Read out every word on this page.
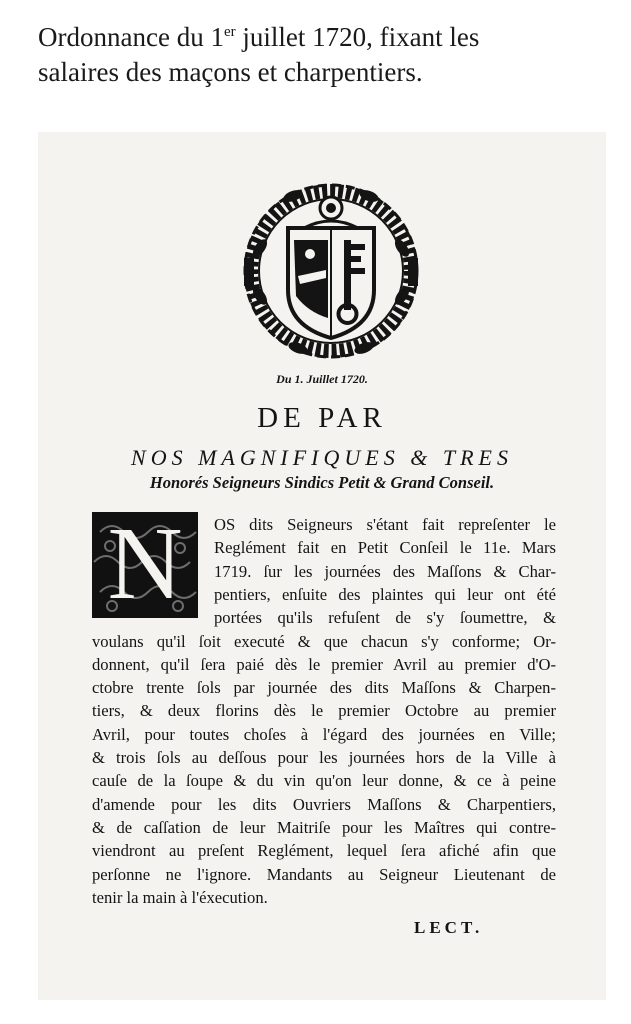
Ordonnance du 1er juillet 1720, fixant les
salaires des maçons et charpentiers.
Du 1. Juillet 1720.
DE PAR
NOS MAGNIFIQUES & TRES
Honorés Seigneurs Sindics Petit & Grand Conseil.
N	OS dits Seigneurs s'étant fait repreſenter le
Reglément fait en Petit Conſeil le 11e. Mars
1719. ſur les journées des Maſſons & Char-
pentiers, enſuite des plaintes qui leur ont été
portées qu'ils refuſent de s'y ſoumettre, &
voulans qu'il ſoit executé & que chacun s'y conforme; Or-
donnent, qu'il ſera paié dès le premier Avril au premier d'O-
ctobre trente ſols par journée des dits Maſſons & Charpen-
tiers, & deux florins dès le premier Octobre au premier
Avril, pour toutes choſes à l'égard des journées en Ville;
& trois ſols au deſſous pour les journées hors de la Ville à
cauſe de la ſoupe & du vin qu'on leur donne, & ce à peine
d'amende pour les dits Ouvriers Maſſons & Charpentiers,
& de caſſation de leur Maitriſe pour les Maîtres qui contre-
viendront au preſent Reglément, lequel ſera afiché afin que
perſonne ne l'ignore. Mandants au Seigneur Lieutenant de
tenir la main à l'éxecution.
LECT.
